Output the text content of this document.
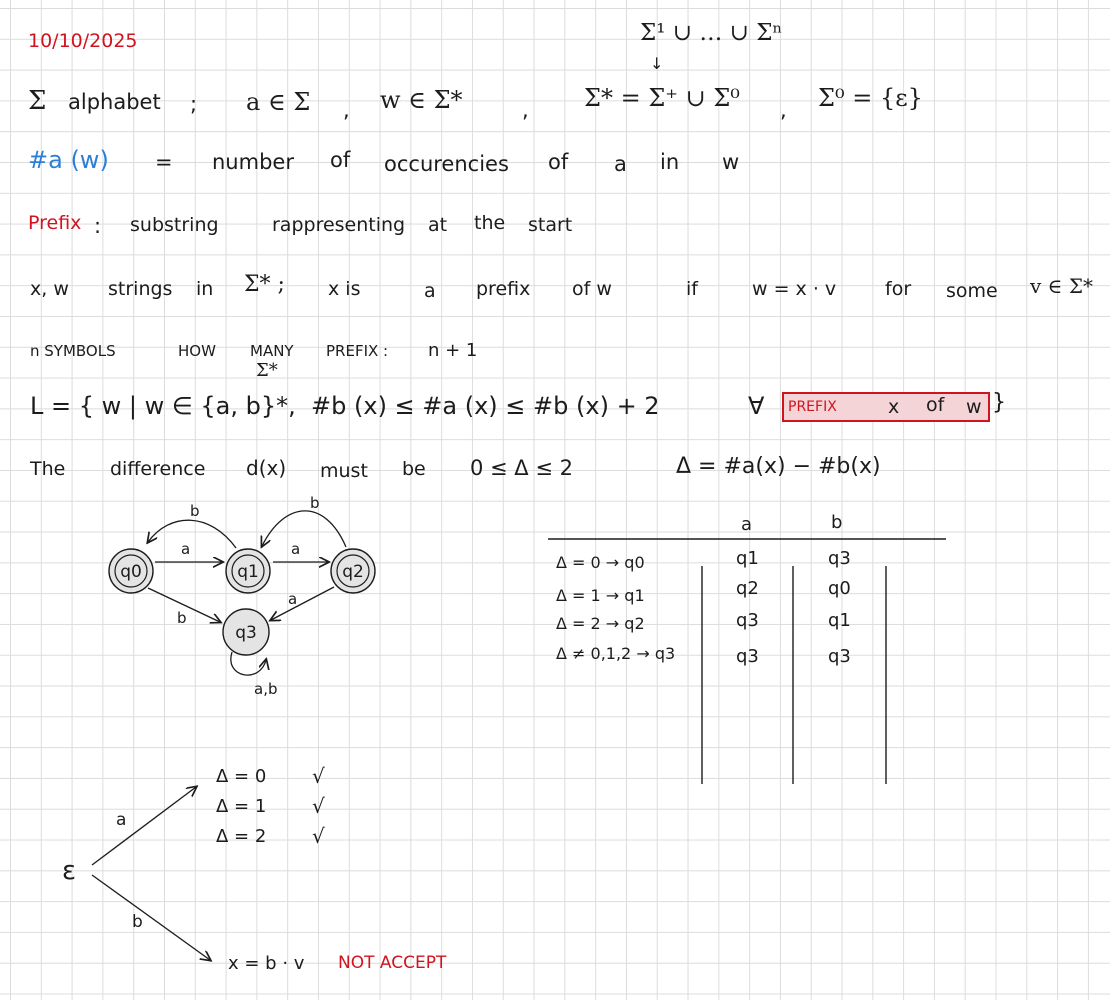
10/10/2025	Σ¹ ∪ … ∪ Σⁿ
↓
Σ alphabet ; a ∈ Σ , w ∈ Σ*	, Σ* = Σ⁺ ∪ Σ⁰ , Σ⁰ = {ε}
#a (w) = number of occurencies of a in w
Prefix : substring	rappresenting at the start
x, w strings in Σ* ; x is	a prefix of w	if	w = x · v	for some v ∈ Σ*
n SYMBOLS	HOW MANY PREFIX : n + 1
Σ*
L = { w | w ∈ {a, b}*,  #b (x) ≤ #a (x) ≤ #b (x) + 2	∀ PREFIX	x of w }
The difference d(x) must be 0 ≤ Δ ≤ 2	Δ = #a(x) − #b(x)
q0	q1	q2
q3
a
b
a
b
b
a
a,b
a	b
Δ = 0 → q0	q1	q3
Δ = 1 → q1	q2	q0
Δ = 2 → q2	q3	q1
Δ ≠ 0,1,2 → q3	q3	q3
ε
a
b
Δ = 0 √
Δ = 1 √
Δ = 2 √
x = b · v NOT ACCEPT
